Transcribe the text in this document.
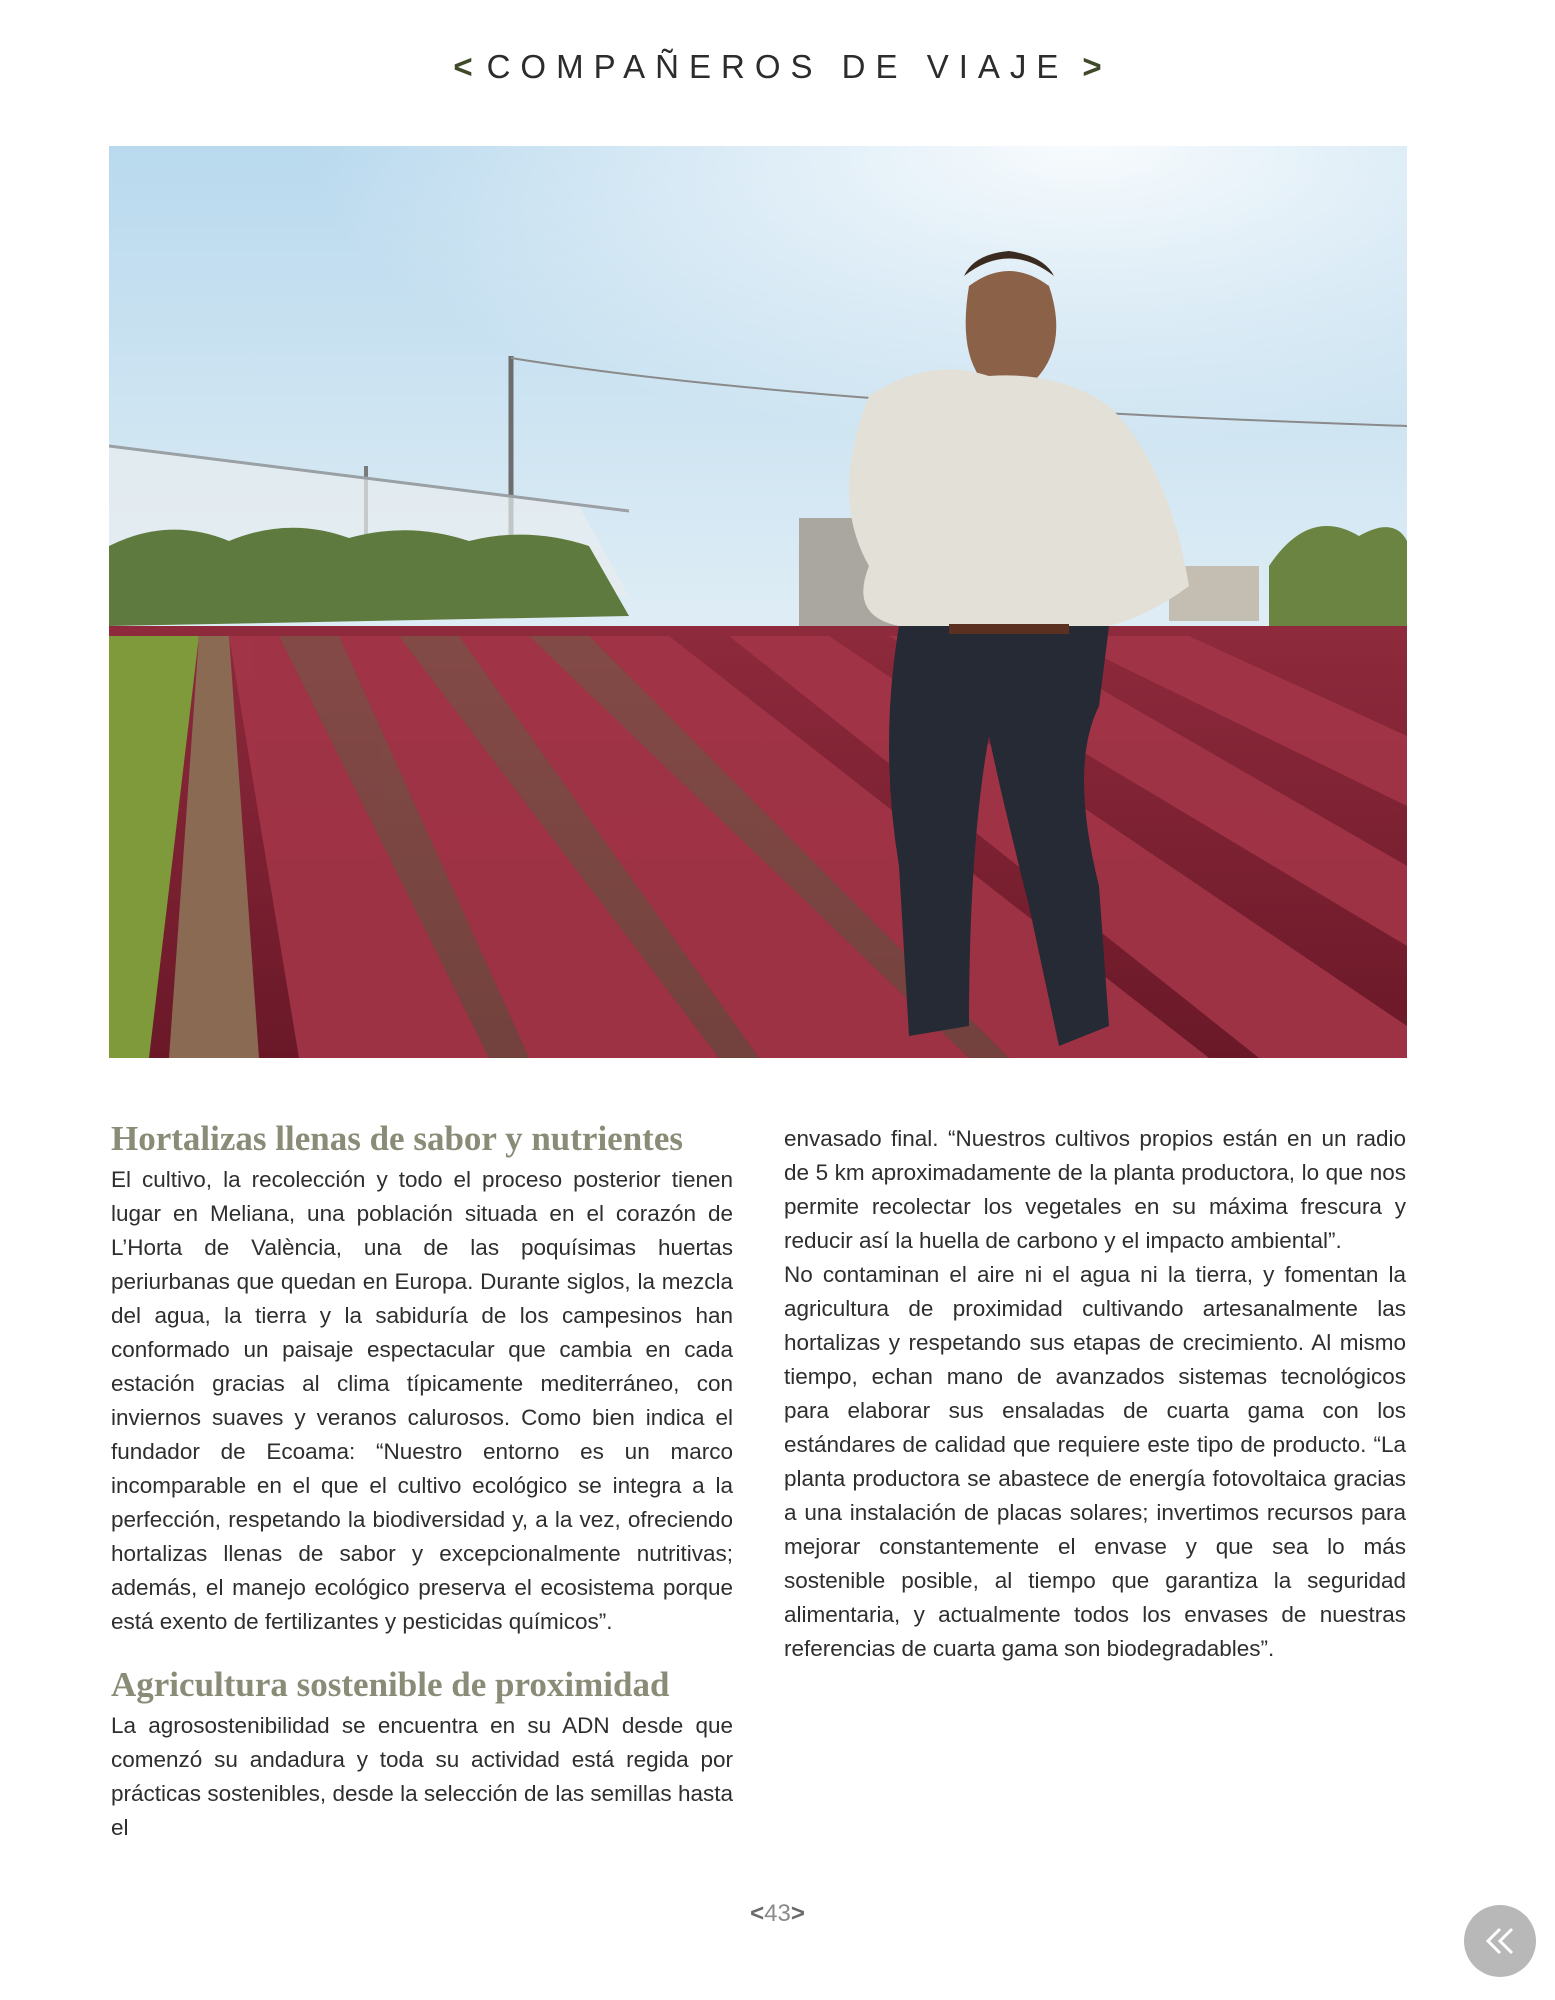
< COMPAÑEROS DE VIAJE >
Hortalizas llenas de sabor y nutrientes

El cultivo, la recolección y todo el proceso posterior tienen lugar en Meliana, una población situada en el corazón de L’Horta de València, una de las poquísimas huertas periurbanas que quedan en Europa. Durante siglos, la mezcla del agua, la tierra y la sabiduría de los campesinos han conformado un paisaje espectacular que cambia en cada estación gracias al clima típicamente mediterráneo, con inviernos suaves y veranos calurosos. Como bien indica el fundador de Ecoama: “Nuestro entorno es un marco incomparable en el que el cultivo ecológico se integra a la perfección, respetando la biodiversidad y, a la vez, ofreciendo hortalizas llenas de sabor y excepcionalmente nutritivas; además, el manejo ecológico preserva el ecosistema porque está exento de fertilizantes y pesticidas químicos”.

Agricultura sostenible de proximidad

La agrosostenibilidad se encuentra en su ADN desde que comenzó su andadura y toda su actividad está regida por prácticas sostenibles, desde la selección de las semillas hasta el

envasado final. “Nuestros cultivos propios están en un radio de 5 km aproximadamente de la planta productora, lo que nos permite recolectar los vegetales en su máxima frescura y reducir así la huella de carbono y el impacto ambiental”.

No contaminan el aire ni el agua ni la tierra, y fomentan la agricultura de proximidad cultivando artesanalmente las hortalizas y respetando sus etapas de crecimiento. Al mismo tiempo, echan mano de avanzados sistemas tecnológicos para elaborar sus ensaladas de cuarta gama con los estándares de calidad que requiere este tipo de producto. “La planta productora se abastece de energía fotovoltaica gracias a una instalación de placas solares; invertimos recursos para mejorar constantemente el envase y que sea lo más sostenible posible, al tiempo que garantiza la seguridad alimentaria, y actualmente todos los envases de nuestras referencias de cuarta gama son biodegradables”.

<43>
